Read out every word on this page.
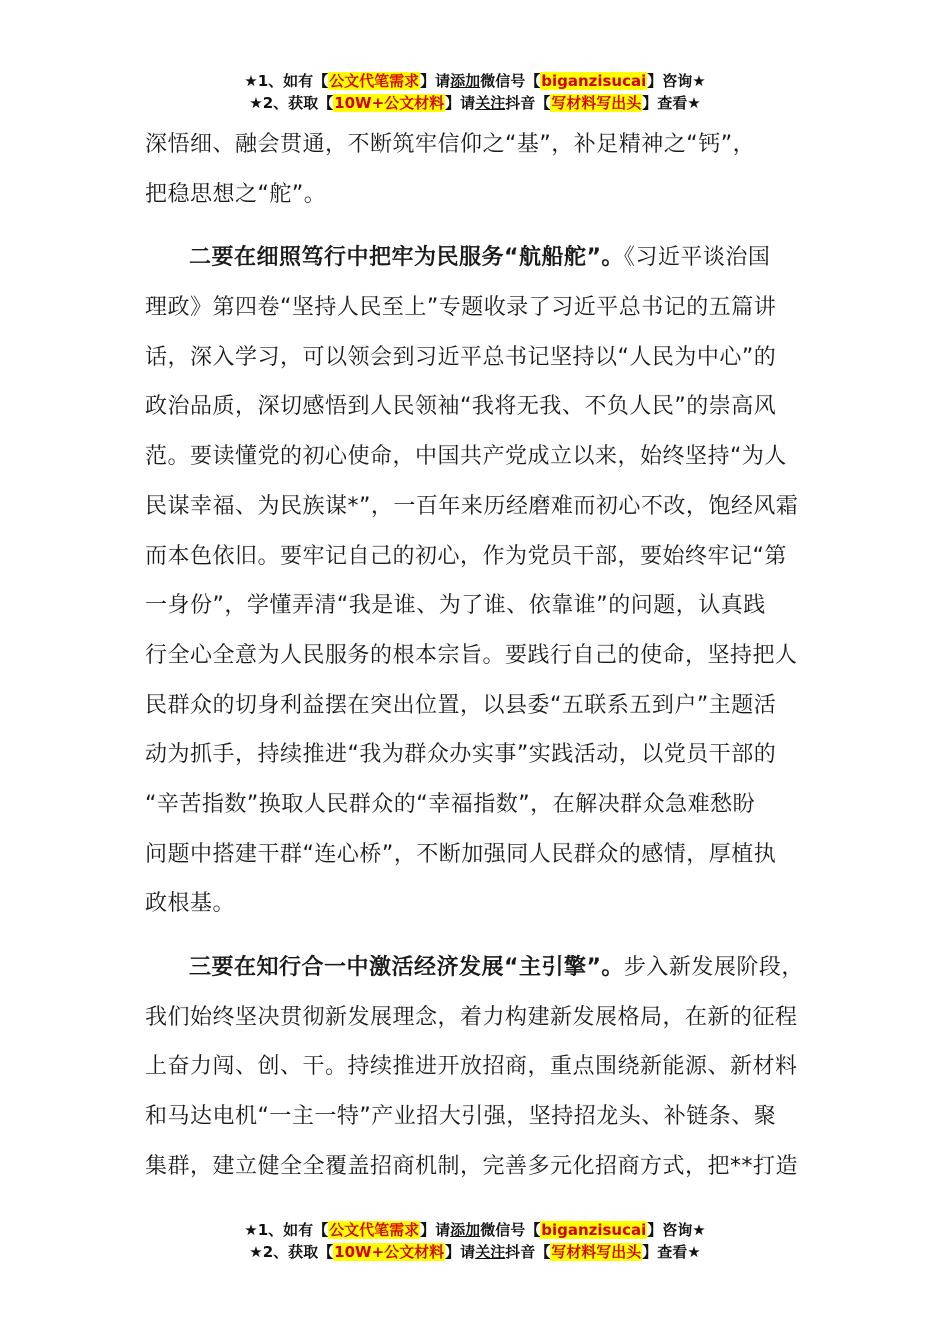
★1、如有【公文代笔需求】请添加微信号【biganzisucai】咨询★
★2、获取【10W+公文材料】请关注抖音【写材料写出头】查看★
深悟细、融会贯通，不断筑牢信仰之“基”，补足精神之“钙”，
把稳思想之“舵”。
二要在细照笃行中把牢为民服务“航船舵”。《习近平谈治国
理政》第四卷“坚持人民至上”专题收录了习近平总书记的五篇讲
话，深入学习，可以领会到习近平总书记坚持以“人民为中心”的
政治品质，深切感悟到人民领袖“我将无我、不负人民”的崇高风
范。要读懂党的初心使命，中国共产党成立以来，始终坚持“为人
民谋幸福、为民族谋*”，一百年来历经磨难而初心不改，饱经风霜
而本色依旧。要牢记自己的初心，作为党员干部，要始终牢记“第
一身份”，学懂弄清“我是谁、为了谁、依靠谁”的问题，认真践
行全心全意为人民服务的根本宗旨。要践行自己的使命，坚持把人
民群众的切身利益摆在突出位置，以县委“五联系五到户”主题活
动为抓手，持续推进“我为群众办实事”实践活动，以党员干部的
“辛苦指数”换取人民群众的“幸福指数”，在解决群众急难愁盼
问题中搭建干群“连心桥”，不断加强同人民群众的感情，厚植执
政根基。
三要在知行合一中激活经济发展“主引擎”。步入新发展阶段，
我们始终坚决贯彻新发展理念，着力构建新发展格局，在新的征程
上奋力闯、创、干。持续推进开放招商，重点围绕新能源、新材料
和马达电机“一主一特”产业招大引强，坚持招龙头、补链条、聚
集群，建立健全全覆盖招商机制，完善多元化招商方式，把**打造
★1、如有【公文代笔需求】请添加微信号【biganzisucai】咨询★
★2、获取【10W+公文材料】请关注抖音【写材料写出头】查看★
